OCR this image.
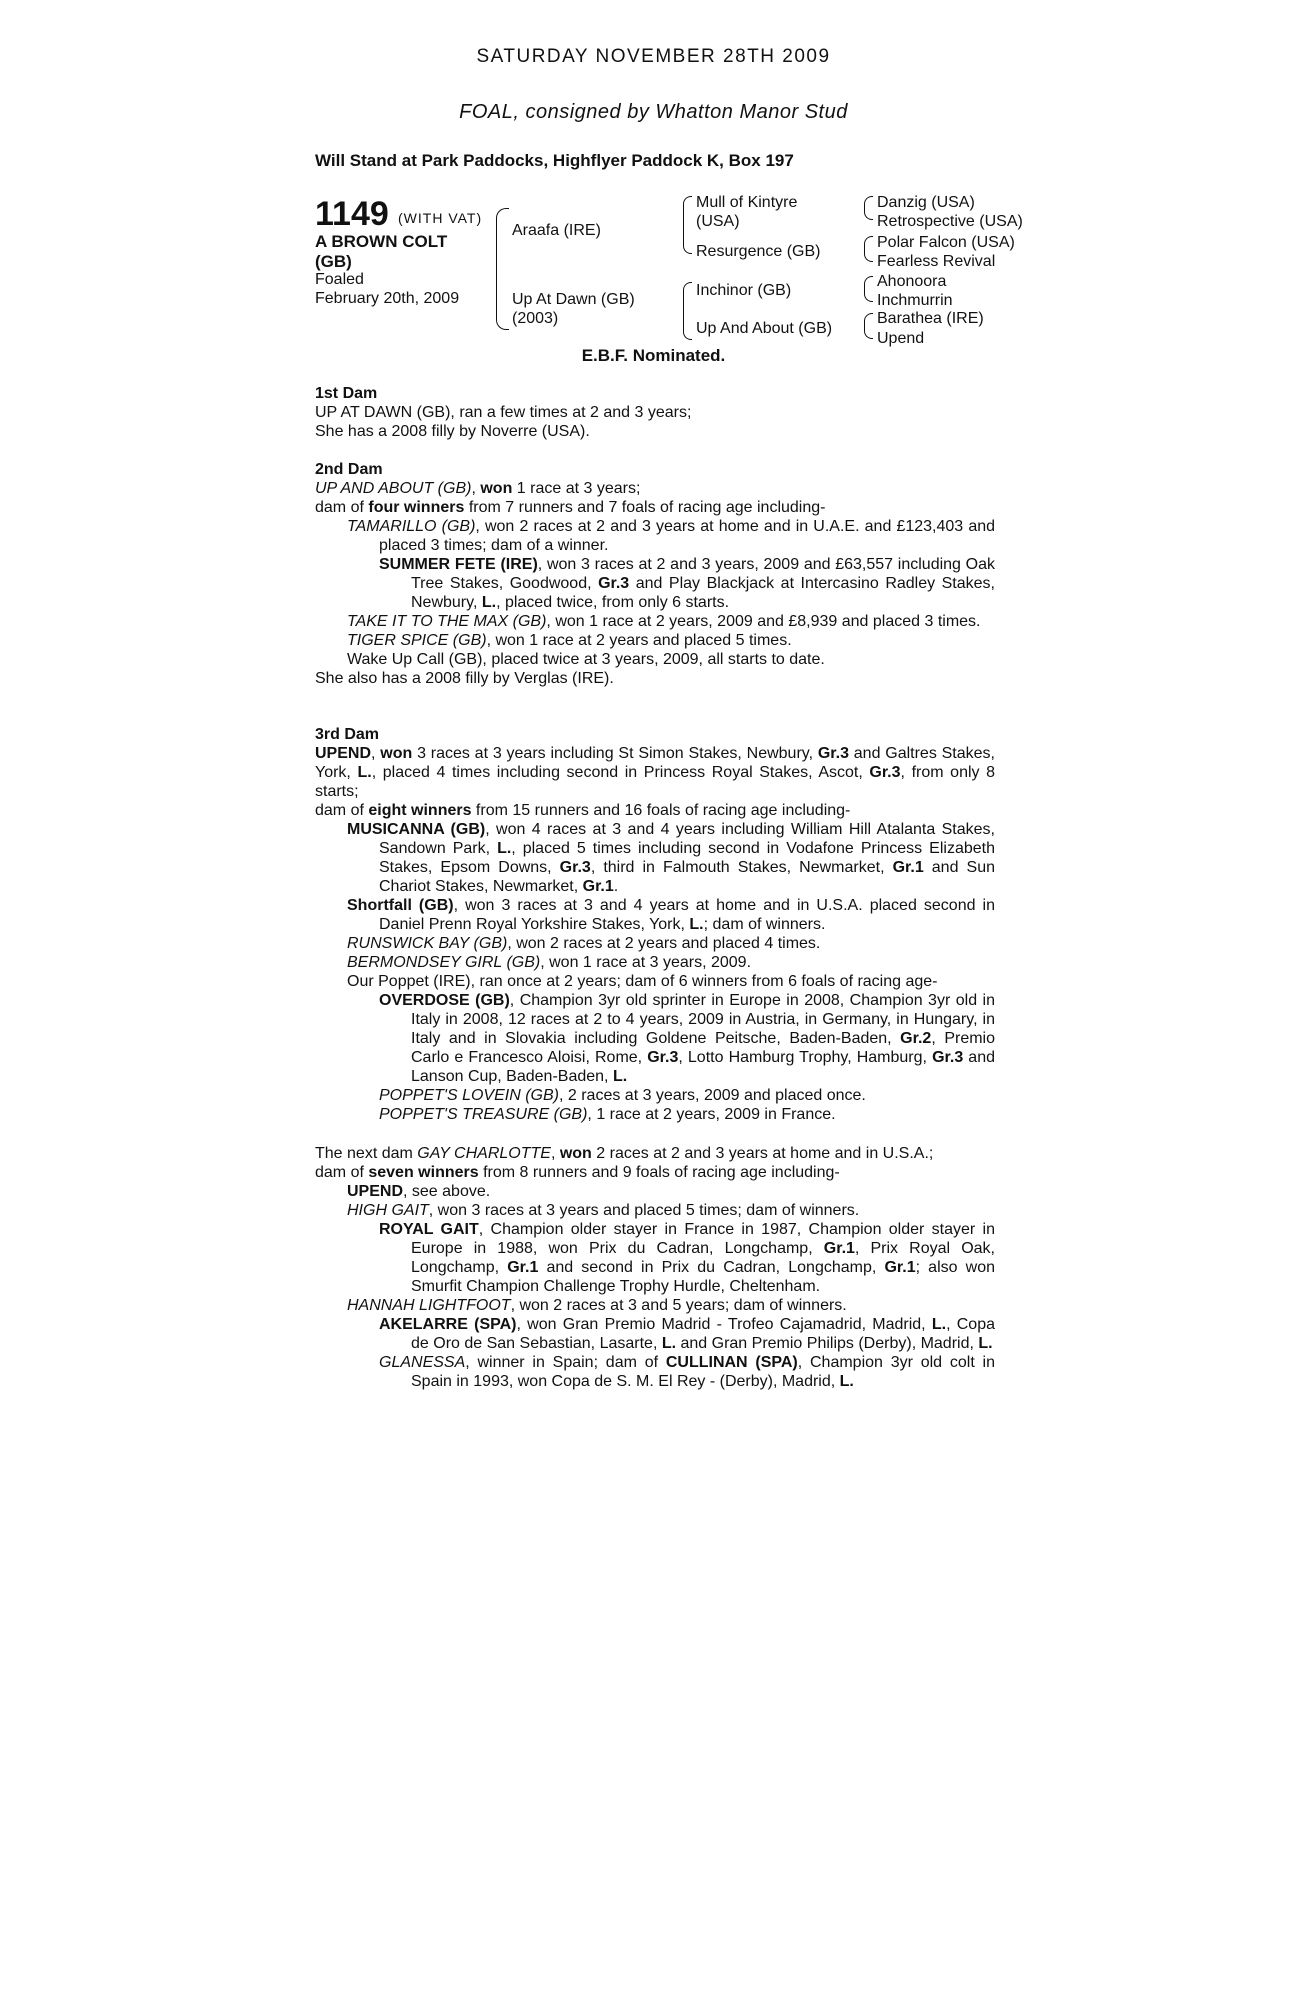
SATURDAY NOVEMBER 28TH 2009
FOAL, consigned by Whatton Manor Stud
Will Stand at Park Paddocks, Highflyer Paddock K, Box 197
1149 (WITH VAT)
A BROWN COLT
(GB)
Foaled
February 20th, 2009
Araafa (IRE)
Up At Dawn (GB)
(2003)
Mull of Kintyre
(USA)
Resurgence (GB)
Inchinor (GB)
Up And About (GB)
Danzig (USA)
Retrospective (USA)
Polar Falcon (USA)
Fearless Revival
Ahonoora
Inchmurrin
Barathea (IRE)
Upend
E.B.F. Nominated.
1st Dam
UP AT DAWN (GB), ran a few times at 2 and 3 years;
She has a 2008 filly by Noverre (USA).
2nd Dam
UP AND ABOUT (GB), won 1 race at 3 years;
dam of four winners from 7 runners and 7 foals of racing age including-
TAMARILLO (GB), won 2 races at 2 and 3 years at home and in U.A.E. and £123,403 and placed 3 times; dam of a winner.
SUMMER FETE (IRE), won 3 races at 2 and 3 years, 2009 and £63,557 including Oak Tree Stakes, Goodwood, Gr.3 and Play Blackjack at Intercasino Radley Stakes, Newbury, L., placed twice, from only 6 starts.
TAKE IT TO THE MAX (GB), won 1 race at 2 years, 2009 and £8,939 and placed 3 times.
TIGER SPICE (GB), won 1 race at 2 years and placed 5 times.
Wake Up Call (GB), placed twice at 3 years, 2009, all starts to date.
She also has a 2008 filly by Verglas (IRE).
3rd Dam
UPEND, won 3 races at 3 years including St Simon Stakes, Newbury, Gr.3 and Galtres Stakes, York, L., placed 4 times including second in Princess Royal Stakes, Ascot, Gr.3, from only 8 starts;
dam of eight winners from 15 runners and 16 foals of racing age including-
MUSICANNA (GB), won 4 races at 3 and 4 years including William Hill Atalanta Stakes, Sandown Park, L., placed 5 times including second in Vodafone Princess Elizabeth Stakes, Epsom Downs, Gr.3, third in Falmouth Stakes, Newmarket, Gr.1 and Sun Chariot Stakes, Newmarket, Gr.1.
Shortfall (GB), won 3 races at 3 and 4 years at home and in U.S.A. placed second in Daniel Prenn Royal Yorkshire Stakes, York, L.; dam of winners.
RUNSWICK BAY (GB), won 2 races at 2 years and placed 4 times.
BERMONDSEY GIRL (GB), won 1 race at 3 years, 2009.
Our Poppet (IRE), ran once at 2 years; dam of 6 winners from 6 foals of racing age-
OVERDOSE (GB), Champion 3yr old sprinter in Europe in 2008, Champion 3yr old in Italy in 2008, 12 races at 2 to 4 years, 2009 in Austria, in Germany, in Hungary, in Italy and in Slovakia including Goldene Peitsche, Baden-Baden, Gr.2, Premio Carlo e Francesco Aloisi, Rome, Gr.3, Lotto Hamburg Trophy, Hamburg, Gr.3 and Lanson Cup, Baden-Baden, L.
POPPET'S LOVEIN (GB), 2 races at 3 years, 2009 and placed once.
POPPET'S TREASURE (GB), 1 race at 2 years, 2009 in France.
The next dam GAY CHARLOTTE, won 2 races at 2 and 3 years at home and in U.S.A.;
dam of seven winners from 8 runners and 9 foals of racing age including-
UPEND, see above.
HIGH GAIT, won 3 races at 3 years and placed 5 times; dam of winners.
ROYAL GAIT, Champion older stayer in France in 1987, Champion older stayer in Europe in 1988, won Prix du Cadran, Longchamp, Gr.1, Prix Royal Oak, Longchamp, Gr.1 and second in Prix du Cadran, Longchamp, Gr.1; also won Smurfit Champion Challenge Trophy Hurdle, Cheltenham.
HANNAH LIGHTFOOT, won 2 races at 3 and 5 years; dam of winners.
AKELARRE (SPA), won Gran Premio Madrid - Trofeo Cajamadrid, Madrid, L., Copa de Oro de San Sebastian, Lasarte, L. and Gran Premio Philips (Derby), Madrid, L.
GLANESSA, winner in Spain; dam of CULLINAN (SPA), Champion 3yr old colt in Spain in 1993, won Copa de S. M. El Rey - (Derby), Madrid, L.
